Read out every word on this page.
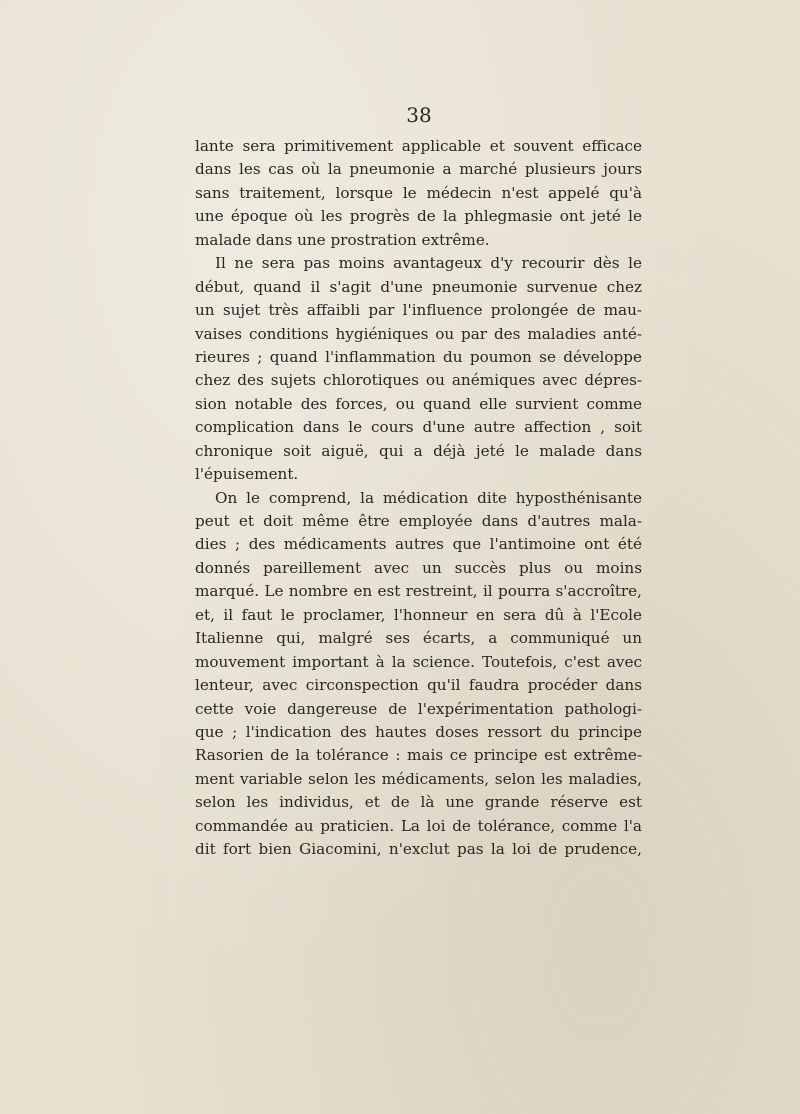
38
lante sera primitivement applicable et souvent efficace
dans les cas où la pneumonie a marché plusieurs jours
sans traitement, lorsque le médecin n'est appelé qu'à
une époque où les progrès de la phlegmasie ont jeté le
malade dans une prostration extrême.
Il ne sera pas moins avantageux d'y recourir dès le
début, quand il s'agit d'une pneumonie survenue chez
un sujet très affaibli par l'influence prolongée de mau-
vaises conditions hygiéniques ou par des maladies anté-
rieures ; quand l'inflammation du poumon se développe
chez des sujets chlorotiques ou anémiques avec dépres-
sion notable des forces, ou quand elle survient comme
complication dans le cours d'une autre affection , soit
chronique soit aiguë, qui a déjà jeté le malade dans
l'épuisement.
On le comprend, la médication dite hyposthénisante
peut et doit même être employée dans d'autres mala-
dies ; des médicaments autres que l'antimoine ont été
donnés pareillement avec un succès plus ou moins
marqué. Le nombre en est restreint, il pourra s'accroître,
et, il faut le proclamer, l'honneur en sera dû à l'Ecole
Italienne qui, malgré ses écarts, a communiqué un
mouvement important à la science. Toutefois, c'est avec
lenteur, avec circonspection qu'il faudra procéder dans
cette voie dangereuse de l'expérimentation pathologi-
que ; l'indication des hautes doses ressort du principe
Rasorien de la tolérance : mais ce principe est extrême-
ment variable selon les médicaments, selon les maladies,
selon les individus, et de là une grande réserve est
commandée au praticien. La loi de tolérance, comme l'a
dit fort bien Giacomini, n'exclut pas la loi de prudence,
